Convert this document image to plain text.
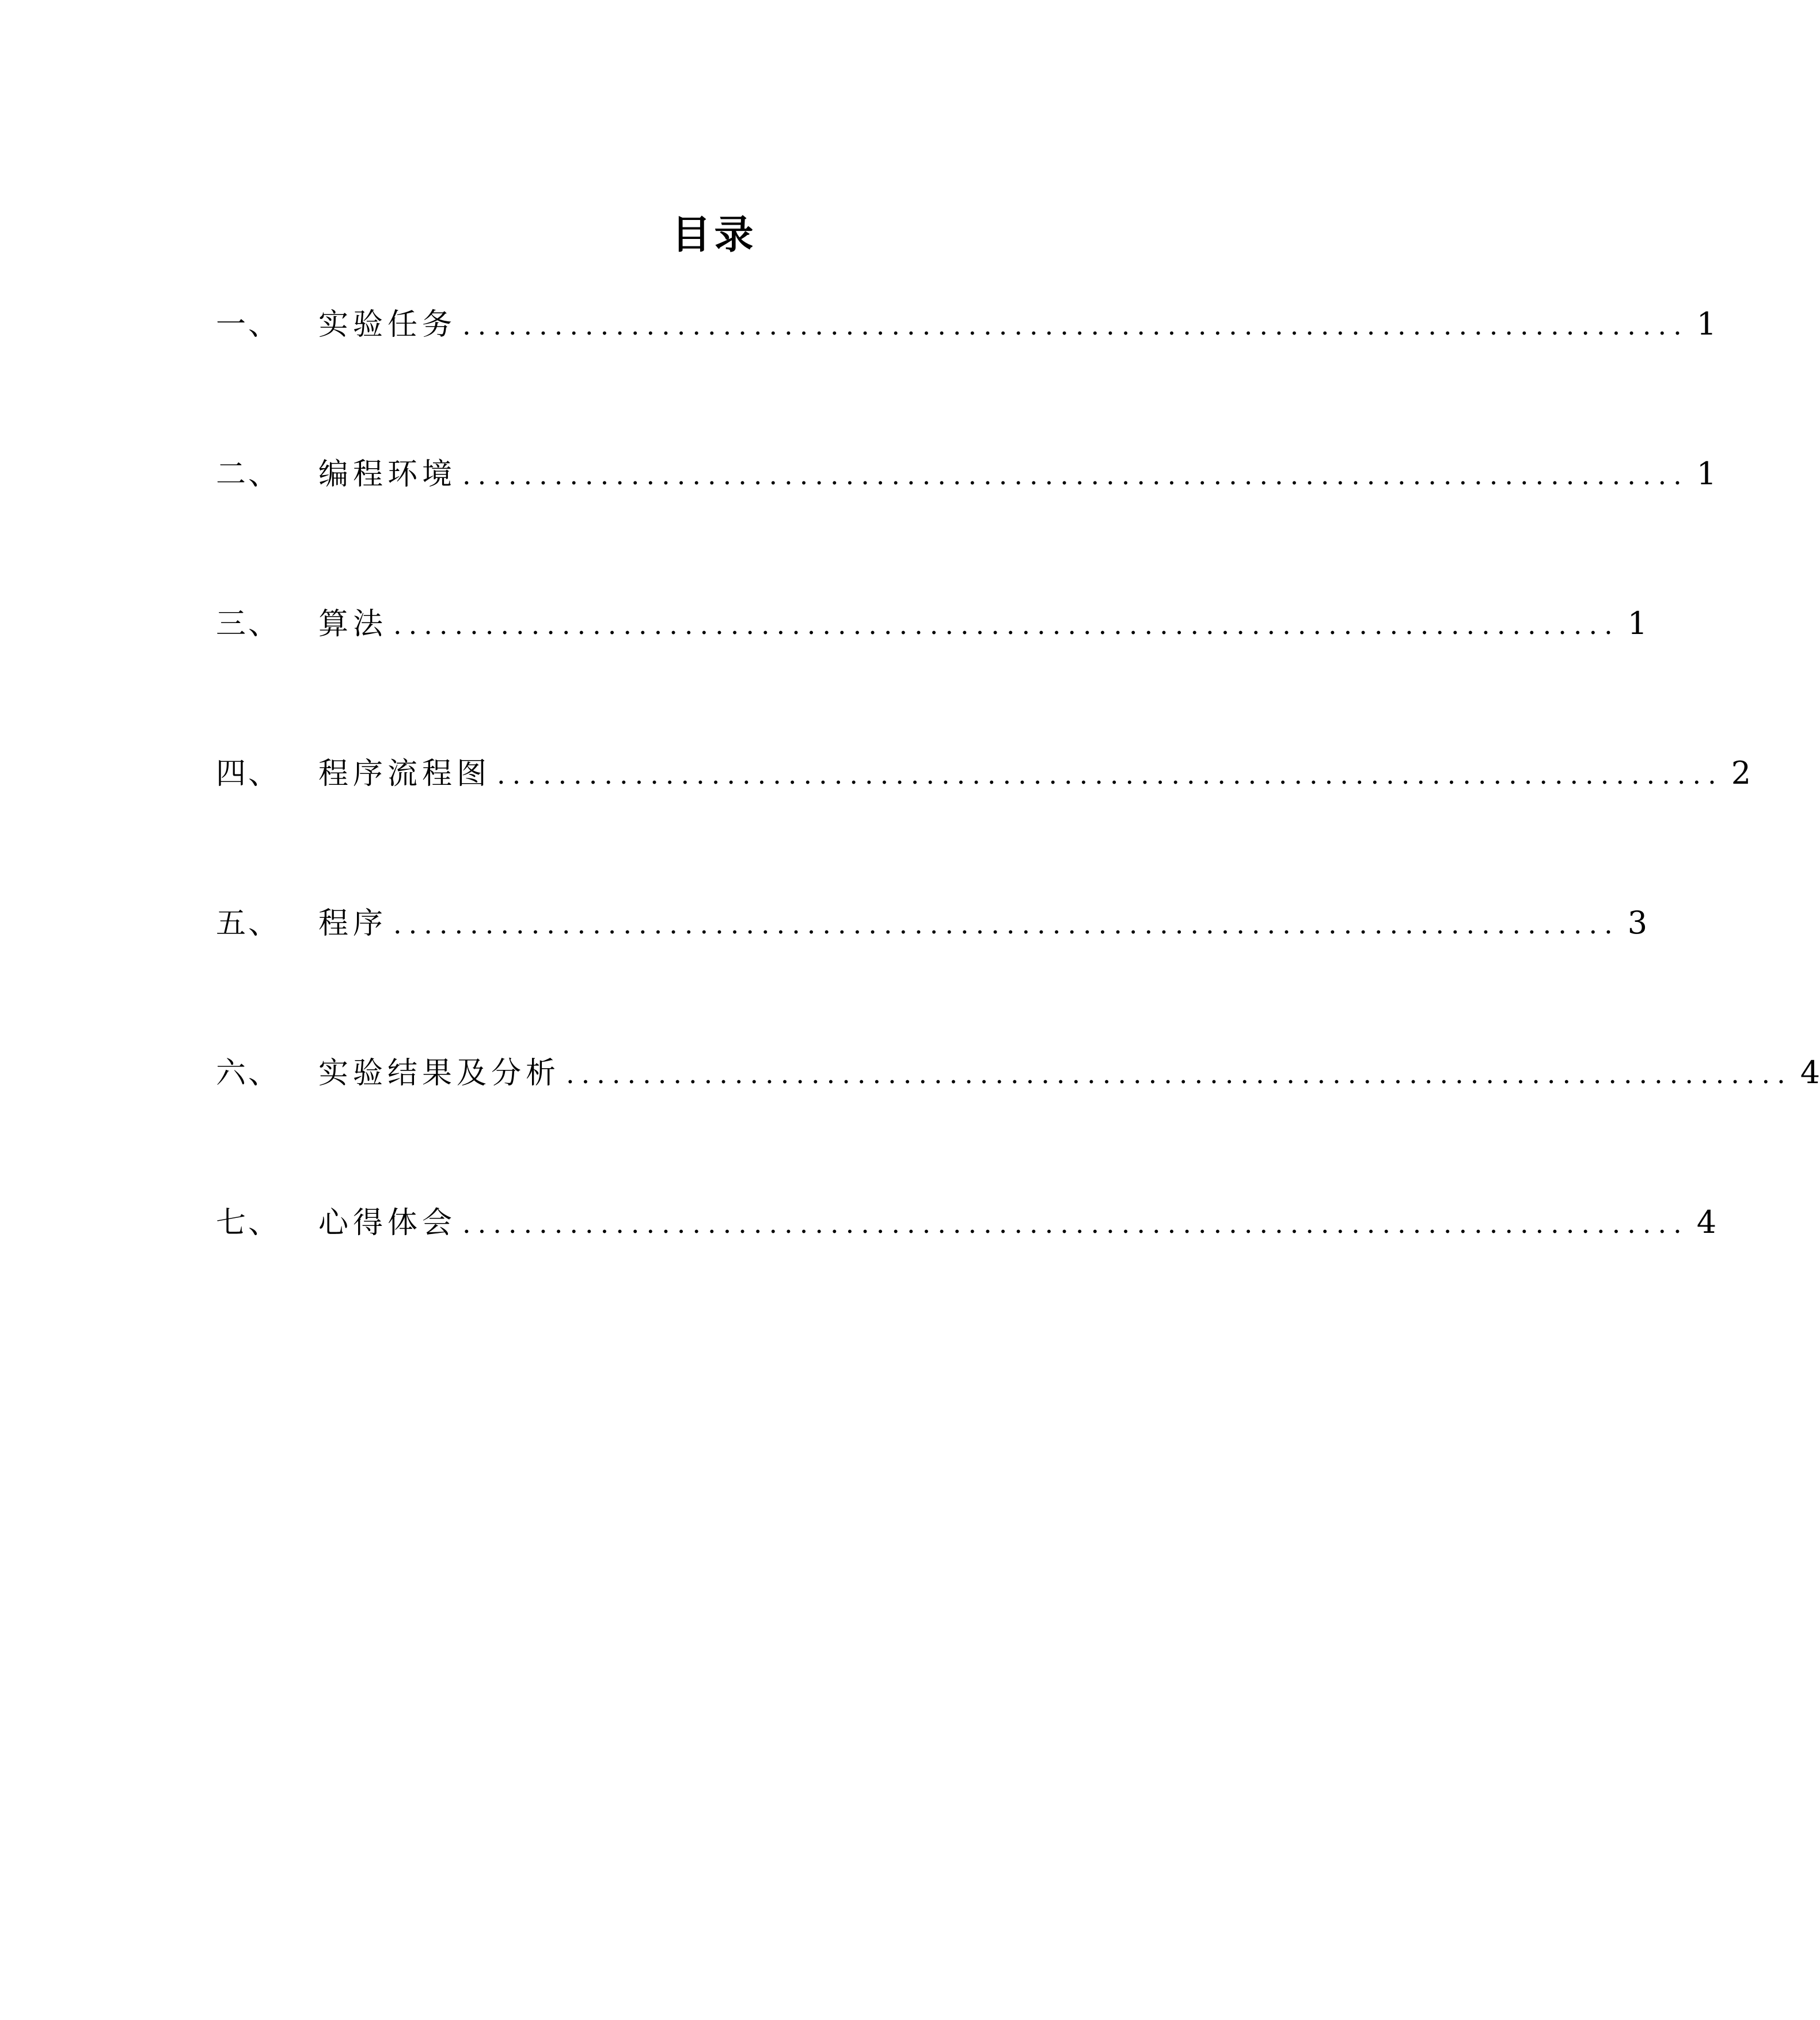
目录
一、	实验任务 ................................................................................ 1
二、	编程环境 ................................................................................ 1
三、	算法 ................................................................................ 1
四、	程序流程图 ................................................................................ 2
五、	程序 ................................................................................ 3
六、	实验结果及分析 ................................................................................ 4
七、	心得体会 ................................................................................ 4
